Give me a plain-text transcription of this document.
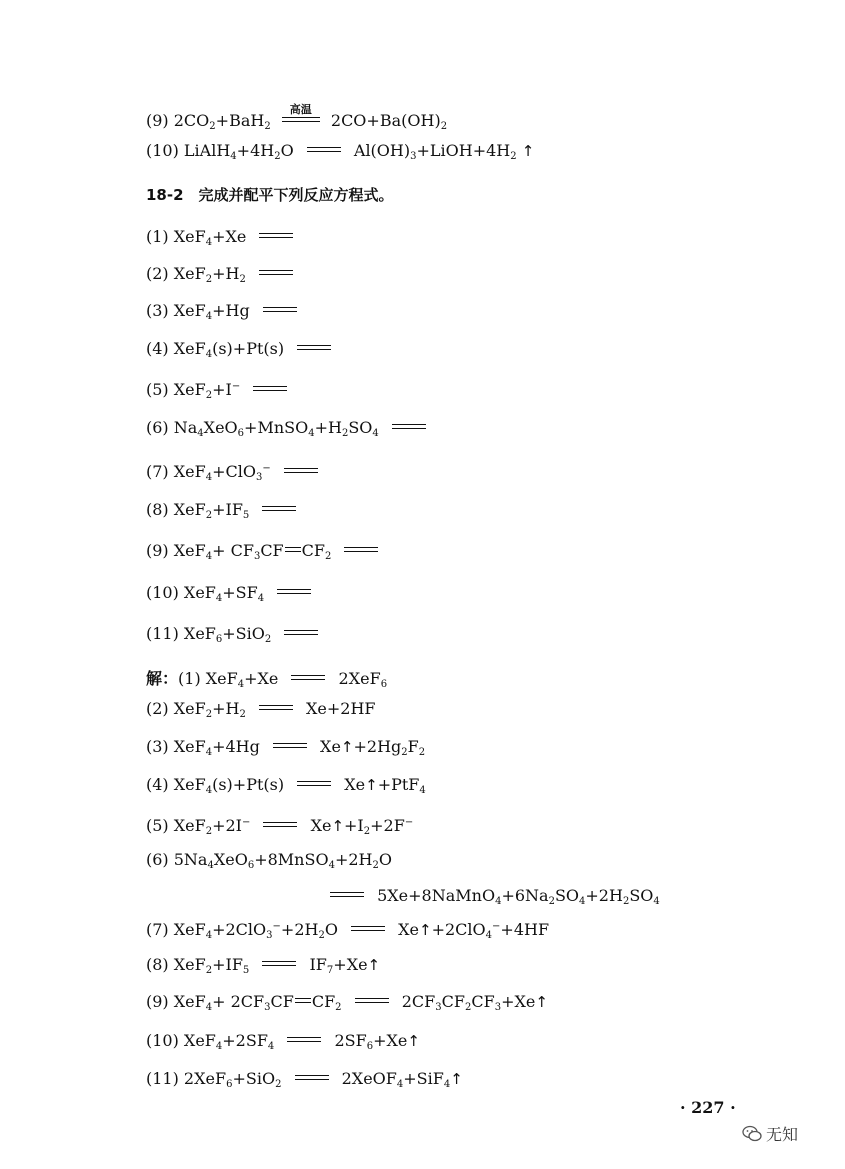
(9) $2CO_2+BaH_2$
高温
$2CO+Ba(OH)_2$
(10) $LiAlH_4+4H_2O$	$Al(OH)_3+LiOH+4H_2$ ↑
18-2　完成并配平下列反应方程式。
(1) XeF$_4$+Xe
(2) $XeF_2+H_2$
(3) XeF$_4$+Hg
(4) XeF$_4$(s)+Pt(s)
(5) XeF$_2$+I−
(6) $Na_4XeO_6+MnSO_4+H_2SO_4$
(7) XeF$_4$+ClO$_3$−
(8) $XeF_2+IF_5$
(9) $XeF_4+ CF_3CF$ $CF_2$
(10) $XeF_4+SF_4$
(11) XeF$_6$+SiO$_2$
解：(1) XeF$_4$+Xe	2XeF$_6$
(2) $XeF_2+H_2$	Xe+2HF
(3) XeF$_4$+4Hg	$Xe↑+2Hg_2F_2$
(4) XeF$_4$(s)+Pt(s)	Xe↑+PtF$_4$
(5) XeF$_2$+2I−	$Xe↑+I_2+2F^-$
(6) $5Na_4XeO_6+8MnSO_4+2H_2O$
$5Xe+8NaMnO_4+6Na_2SO_4+2H_2SO_4$
(7) $XeF_4+2ClO_3^-+2H_2O$	Xe↑+2ClO$_4$−+4HF
(8) $XeF_2+IF_5$	$IF_7+Xe↑$
(9) $XeF_4+ 2CF_3CF$ $CF_2$	$2CF_3CF_2CF_3+Xe↑$
(10) $XeF_4+2SF_4$	$2SF_6+Xe↑$
(11) 2XeF$_6$+SiO$_2$	2XeOF$_4$+SiF$_4$↑
· 227 ·
无知
